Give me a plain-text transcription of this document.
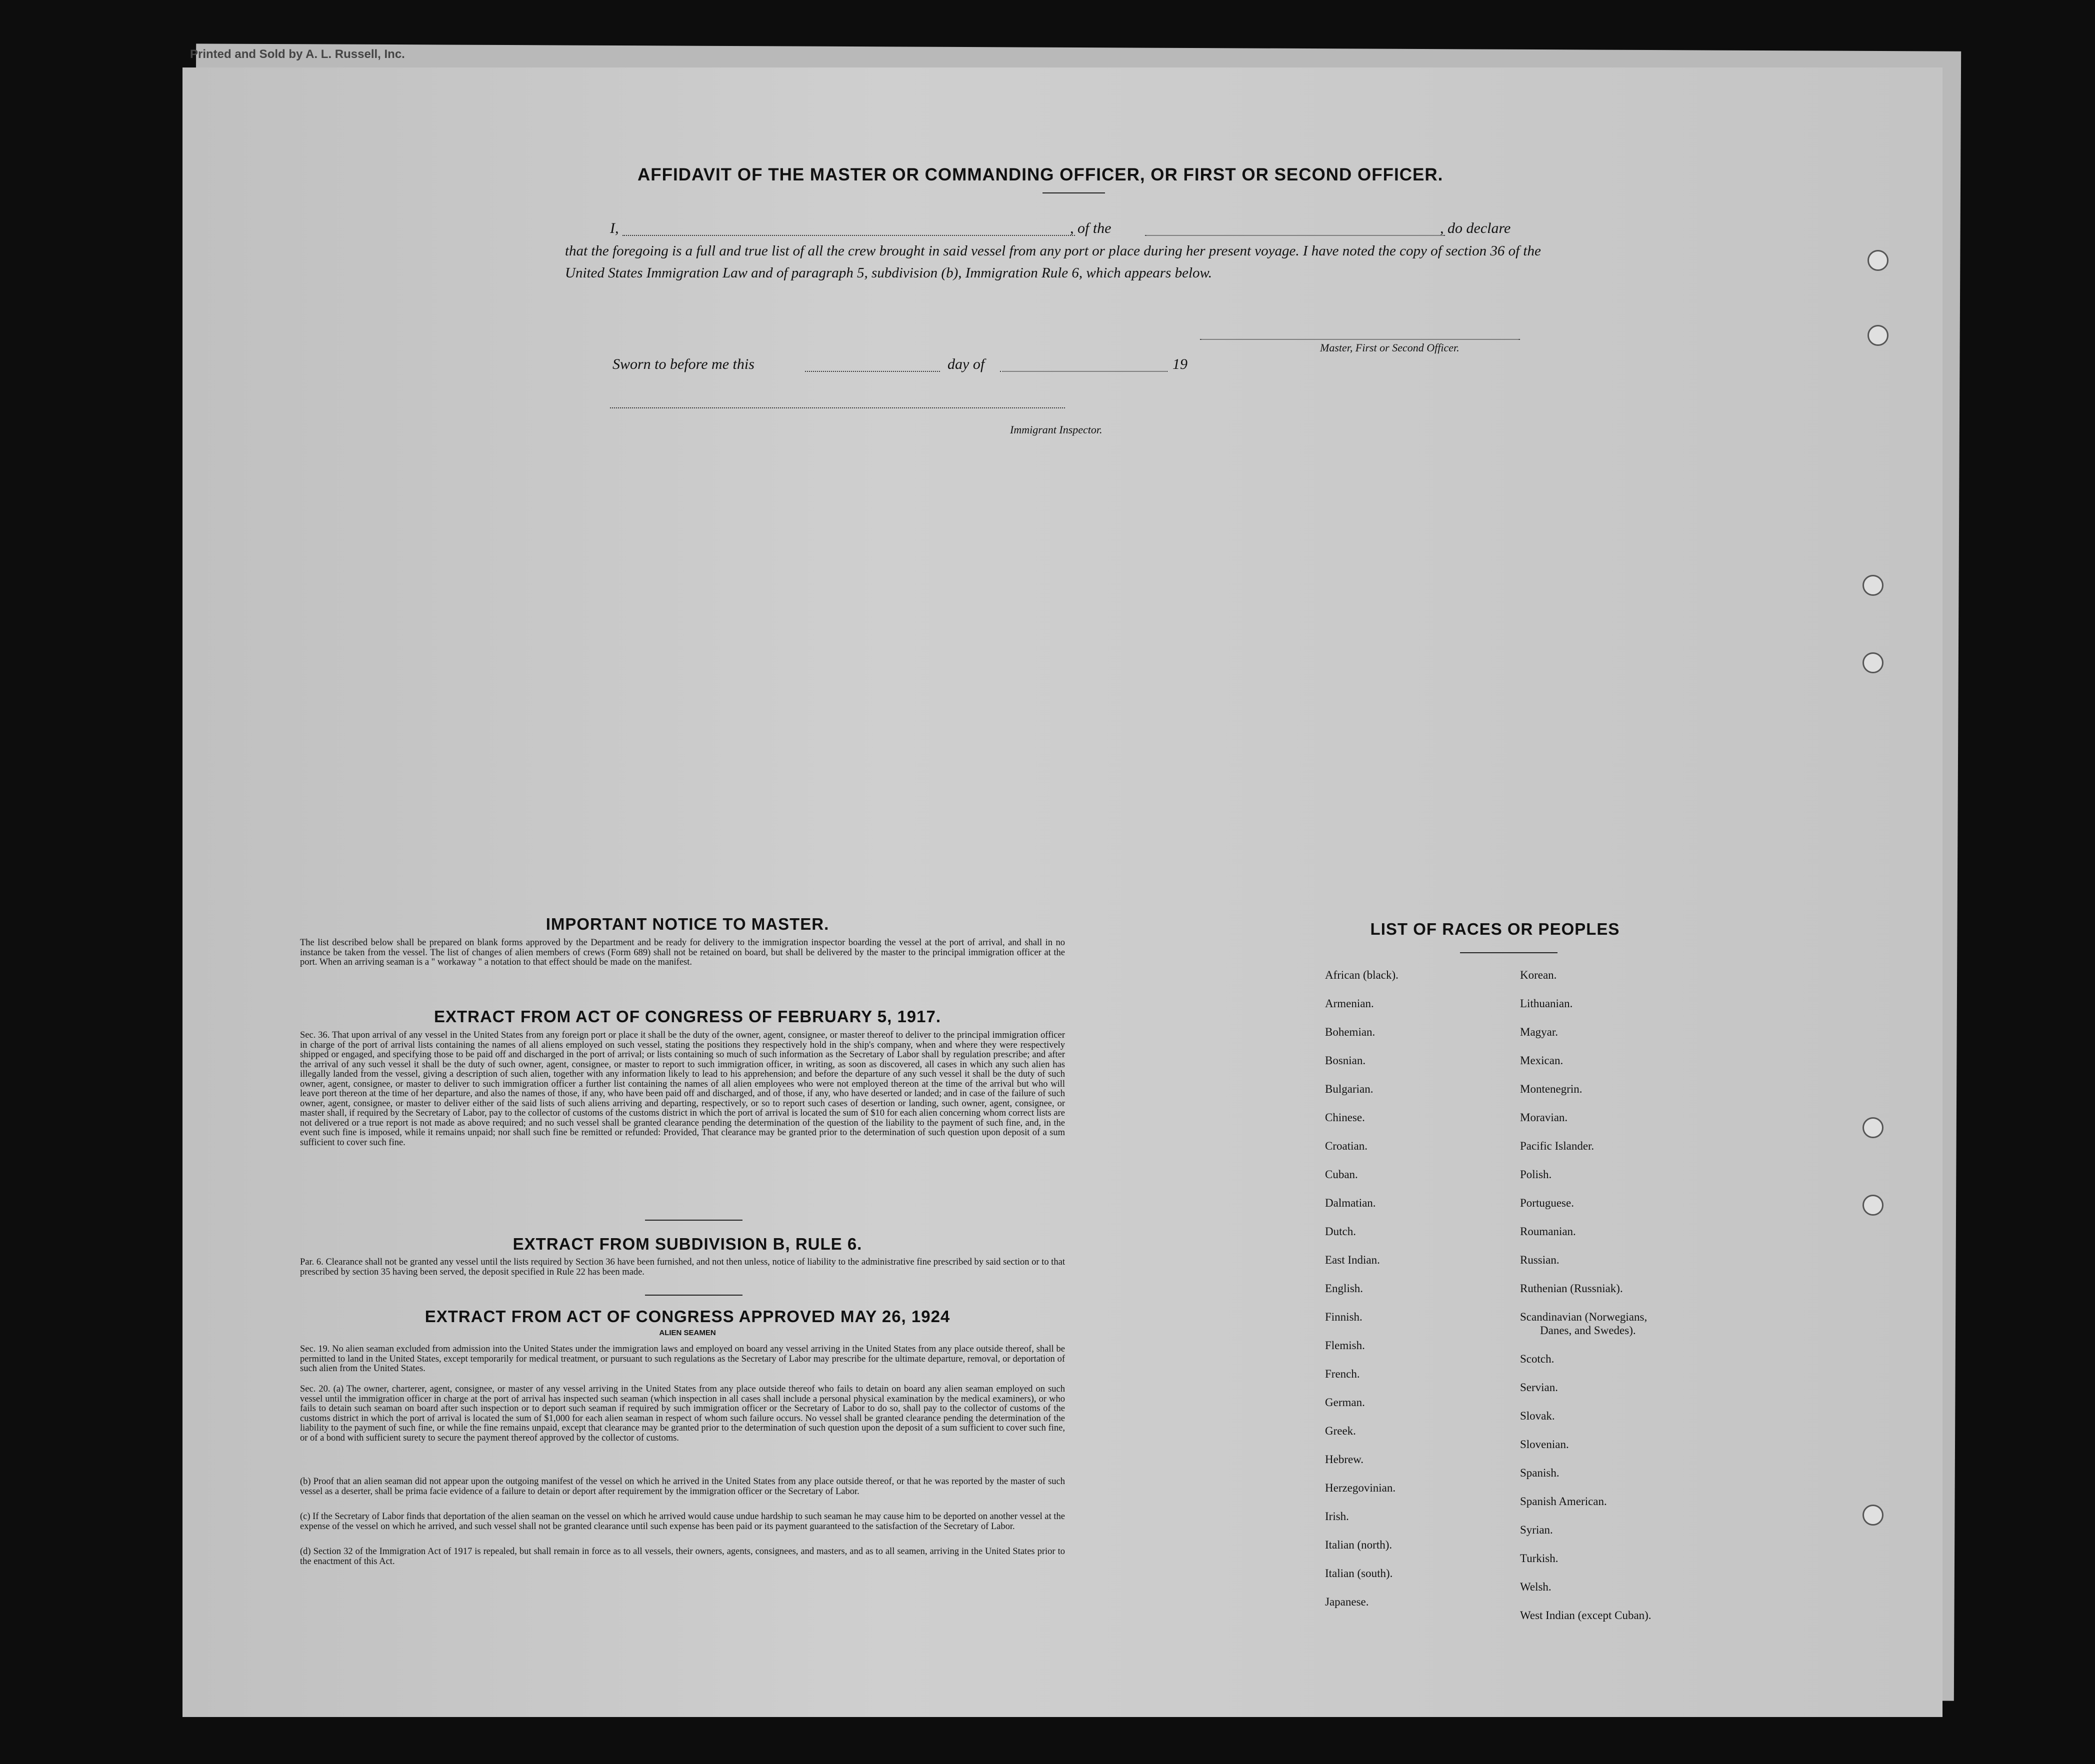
Printed and Sold by A. L. Russell, Inc.

AFFIDAVIT OF THE MASTER OR COMMANDING OFFICER, OR FIRST OR SECOND OFFICER.
I,	, of the	, do declare
that the foregoing is a full and true list of all the crew brought in said vessel from any port or place during her present voyage. I have noted the copy of section 36 of the United States Immigration Law and of paragraph 5, subdivision (b), Immigration Rule 6, which appears below.
Master, First or Second Officer.
Sworn to before me this	day of	19
Immigrant Inspector.
IMPORTANT NOTICE TO MASTER.
The list described below shall be prepared on blank forms approved by the Department and be ready for delivery to the immigration inspector boarding the vessel at the port of arrival, and shall in no instance be taken from the vessel. The list of changes of alien members of crews (Form 689) shall not be retained on board, but shall be delivered by the master to the principal immigration officer at the port. When an arriving seaman is a " workaway " a notation to that effect should be made on the manifest.
EXTRACT FROM ACT OF CONGRESS OF FEBRUARY 5, 1917.
Sec. 36. That upon arrival of any vessel in the United States from any foreign port or place it shall be the duty of the owner, agent, consignee, or master thereof to deliver to the principal immigration officer in charge of the port of arrival lists containing the names of all aliens employed on such vessel, stating the positions they respectively hold in the ship's company, when and where they were respectively shipped or engaged, and specifying those to be paid off and discharged in the port of arrival; or lists containing so much of such information as the Secretary of Labor shall by regulation prescribe; and after the arrival of any such vessel it shall be the duty of such owner, agent, consignee, or master to report to such immigration officer, in writing, as soon as discovered, all cases in which any such alien has illegally landed from the vessel, giving a description of such alien, together with any information likely to lead to his apprehension; and before the departure of any such vessel it shall be the duty of such owner, agent, consignee, or master to deliver to such immigration officer a further list containing the names of all alien employees who were not employed thereon at the time of the arrival but who will leave port thereon at the time of her departure, and also the names of those, if any, who have been paid off and discharged, and of those, if any, who have deserted or landed; and in case of the failure of such owner, agent, consignee, or master to deliver either of the said lists of such aliens arriving and departing, respectively, or so to report such cases of desertion or landing, such owner, agent, consignee, or master shall, if required by the Secretary of Labor, pay to the collector of customs of the customs district in which the port of arrival is located the sum of $10 for each alien concerning whom correct lists are not delivered or a true report is not made as above required; and no such vessel shall be granted clearance pending the determination of the question of the liability to the payment of such fine, and, in the event such fine is imposed, while it remains unpaid; nor shall such fine be remitted or refunded: Provided, That clearance may be granted prior to the determination of such question upon deposit of a sum sufficient to cover such fine.
EXTRACT FROM SUBDIVISION B, RULE 6.
Par. 6. Clearance shall not be granted any vessel until the lists required by Section 36 have been furnished, and not then unless, notice of liability to the administrative fine prescribed by said section or to that prescribed by section 35 having been served, the deposit specified in Rule 22 has been made.
EXTRACT FROM ACT OF CONGRESS APPROVED MAY 26, 1924
ALIEN SEAMEN
Sec. 19. No alien seaman excluded from admission into the United States under the immigration laws and employed on board any vessel arriving in the United States from any place outside thereof, shall be permitted to land in the United States, except temporarily for medical treatment, or pursuant to such regulations as the Secretary of Labor may prescribe for the ultimate departure, removal, or deportation of such alien from the United States.
Sec. 20. (a) The owner, charterer, agent, consignee, or master of any vessel arriving in the United States from any place outside thereof who fails to detain on board any alien seaman employed on such vessel until the immigration officer in charge at the port of arrival has inspected such seaman (which inspection in all cases shall include a personal physical examination by the medical examiners), or who fails to detain such seaman on board after such inspection or to deport such seaman if required by such immigration officer or the Secretary of Labor to do so, shall pay to the collector of customs of the customs district in which the port of arrival is located the sum of $1,000 for each alien seaman in respect of whom such failure occurs. No vessel shall be granted clearance pending the determination of the liability to the payment of such fine, or while the fine remains unpaid, except that clearance may be granted prior to the determination of such question upon the deposit of a sum sufficient to cover such fine, or of a bond with sufficient surety to secure the payment thereof approved by the collector of customs.
(b) Proof that an alien seaman did not appear upon the outgoing manifest of the vessel on which he arrived in the United States from any place outside thereof, or that he was reported by the master of such vessel as a deserter, shall be prima facie evidence of a failure to detain or deport after requirement by the immigration officer or the Secretary of Labor.
(c) If the Secretary of Labor finds that deportation of the alien seaman on the vessel on which he arrived would cause undue hardship to such seaman he may cause him to be deported on another vessel at the expense of the vessel on which he arrived, and such vessel shall not be granted clearance until such expense has been paid or its payment guaranteed to the satisfaction of the Secretary of Labor.
(d) Section 32 of the Immigration Act of 1917 is repealed, but shall remain in force as to all vessels, their owners, agents, consignees, and masters, and as to all seamen, arriving in the United States prior to the enactment of this Act.
LIST OF RACES OR PEOPLES
African (black).
Armenian.
Bohemian.
Bosnian.
Bulgarian.
Chinese.
Croatian.
Cuban.
Dalmatian.
Dutch.
East Indian.
English.
Finnish.
Flemish.
French.
German.
Greek.
Hebrew.
Herzegovinian.
Irish.
Italian (north).
Italian (south).
Japanese.
Korean.
Lithuanian.
Magyar.
Mexican.
Montenegrin.
Moravian.
Pacific Islander.
Polish.
Portuguese.
Roumanian.
Russian.
Ruthenian (Russniak).
Scandinavian (Norwegians,
Danes, and Swedes).
Scotch.
Servian.
Slovak.
Slovenian.
Spanish.
Spanish American.
Syrian.
Turkish.
Welsh.
West Indian (except Cuban).
